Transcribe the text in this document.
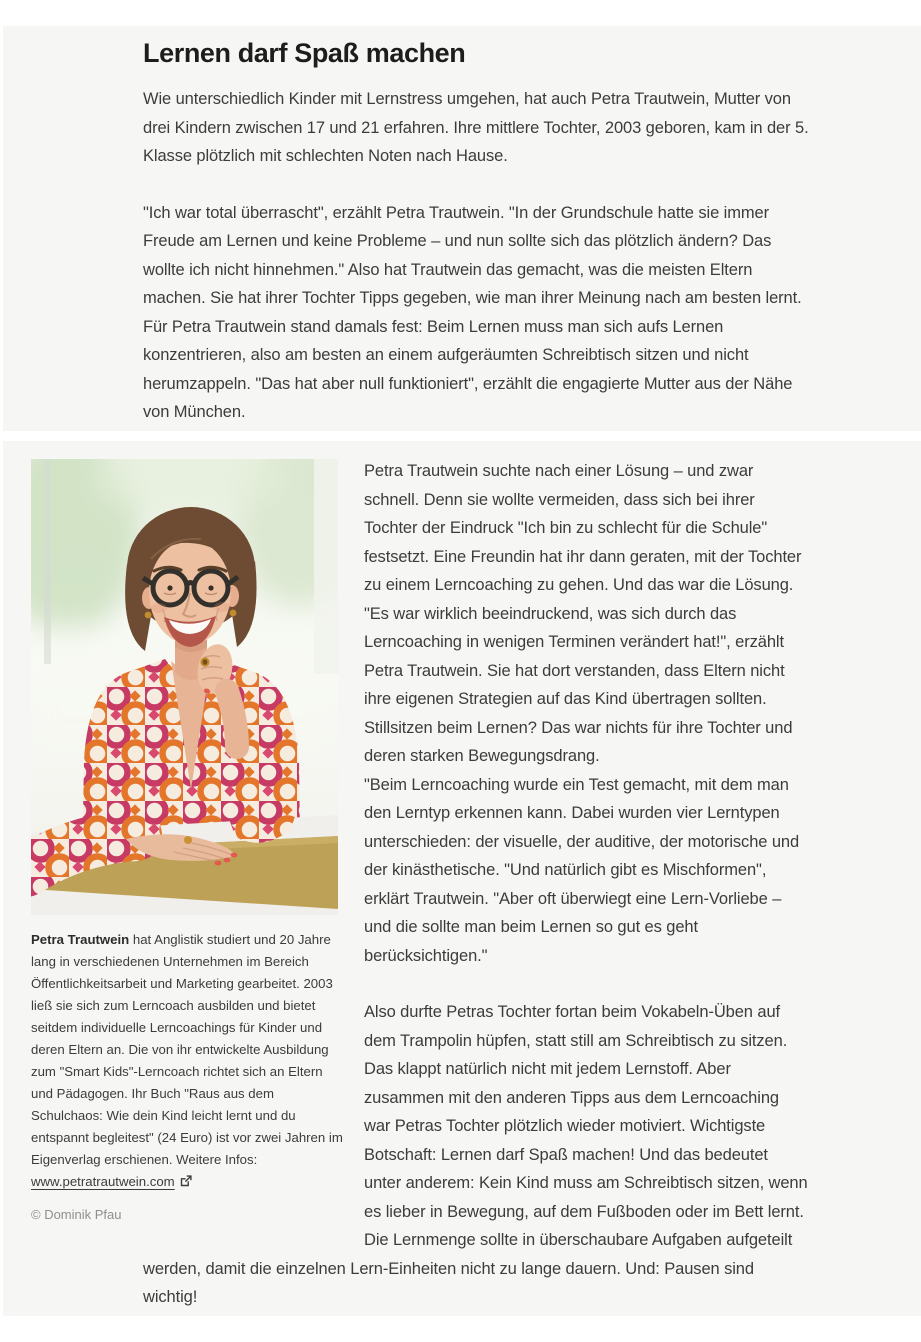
Lernen darf Spaß machen

Wie unterschiedlich Kinder mit Lernstress umgehen, hat auch Petra Trautwein, Mutter von drei Kindern zwischen 17 und 21 erfahren. Ihre mittlere Tochter, 2003 geboren, kam in der 5. Klasse plötzlich mit schlechten Noten nach Hause.

"Ich war total überrascht", erzählt Petra Trautwein. "In der Grundschule hatte sie immer Freude am Lernen und keine Probleme – und nun sollte sich das plötzlich ändern? Das wollte ich nicht hinnehmen." Also hat Trautwein das gemacht, was die meisten Eltern machen. Sie hat ihrer Tochter Tipps gegeben, wie man ihrer Meinung nach am besten lernt. Für Petra Trautwein stand damals fest: Beim Lernen muss man sich aufs Lernen konzentrieren, also am besten an einem aufgeräumten Schreibtisch sitzen und nicht herumzappeln. "Das hat aber null funktioniert", erzählt die engagierte Mutter aus der Nähe von München.

Petra Trautwein hat Anglistik studiert und 20 Jahre lang in verschiedenen Unternehmen im Bereich Öffentlichkeitsarbeit und Marketing gearbeitet. 2003 ließ sie sich zum Lerncoach ausbilden und bietet seitdem individuelle Lerncoachings für Kinder und deren Eltern an. Die von ihr entwickelte Ausbildung zum "Smart Kids"-Lerncoach richtet sich an Eltern und Pädagogen. Ihr Buch "Raus aus dem Schulchaos: Wie dein Kind leicht lernt und du entspannt begleitest" (24 Euro) ist vor zwei Jahren im Eigenverlag erschienen. Weitere Infos: www.petratrautwein.com
© Dominik Pfau

Petra Trautwein suchte nach einer Lösung – und zwar schnell. Denn sie wollte vermeiden, dass sich bei ihrer Tochter der Eindruck "Ich bin zu schlecht für die Schule" festsetzt. Eine Freundin hat ihr dann geraten, mit der Tochter zu einem Lerncoaching zu gehen. Und das war die Lösung. "Es war wirklich beeindruckend, was sich durch das Lerncoaching in wenigen Terminen verändert hat!", erzählt Petra Trautwein. Sie hat dort verstanden, dass Eltern nicht ihre eigenen Strategien auf das Kind übertragen sollten. Stillsitzen beim Lernen? Das war nichts für ihre Tochter und deren starken Bewegungsdrang.
"Beim Lerncoaching wurde ein Test gemacht, mit dem man den Lerntyp erkennen kann. Dabei wurden vier Lerntypen unterschieden: der visuelle, der auditive, der motorische und der kinästhetische. "Und natürlich gibt es Mischformen", erklärt Trautwein. "Aber oft überwiegt eine Lern-Vorliebe – und die sollte man beim Lernen so gut es geht berücksichtigen."

Also durfte Petras Tochter fortan beim Vokabeln-Üben auf dem Trampolin hüpfen, statt still am Schreibtisch zu sitzen. Das klappt natürlich nicht mit jedem Lernstoff. Aber zusammen mit den anderen Tipps aus dem Lerncoaching war Petras Tochter plötzlich wieder motiviert. Wichtigste Botschaft: Lernen darf Spaß machen! Und das bedeutet unter anderem: Kein Kind muss am Schreibtisch sitzen, wenn es lieber in Bewegung, auf dem Fußboden oder im Bett lernt. Die Lernmenge sollte in überschaubare Aufgaben aufgeteilt werden, damit die einzelnen Lern-Einheiten nicht zu lange dauern. Und: Pausen sind wichtig!
